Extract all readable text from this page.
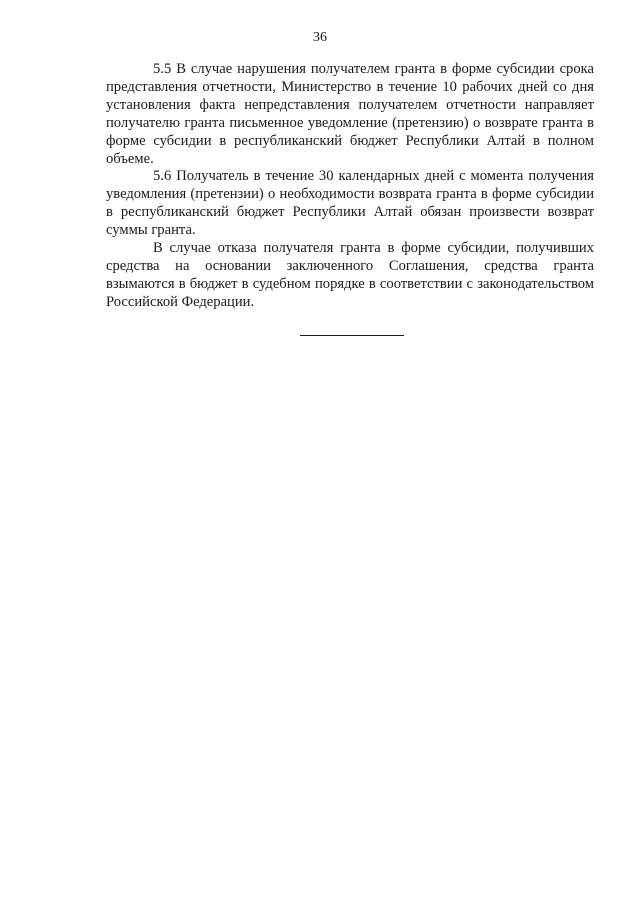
36

5.5 В случае нарушения получателем гранта в форме субсидии срока представления отчетности, Министерство в течение 10 рабочих дней со дня установления факта непредставления получателем отчетности направляет получателю гранта письменное уведомление (претензию) о возврате гранта в форме субсидии в республиканский бюджет Республики Алтай в полном объеме.

5.6 Получатель в течение 30 календарных дней с момента получения уведомления (претензии) о необходимости возврата гранта в форме субсидии в республиканский бюджет Республики Алтай обязан произвести возврат суммы гранта.

В случае отказа получателя гранта в форме субсидии, получивших средства на основании заключенного Соглашения, средства гранта взымаются в бюджет в судебном порядке в соответствии с законодательством Российской Федерации.
